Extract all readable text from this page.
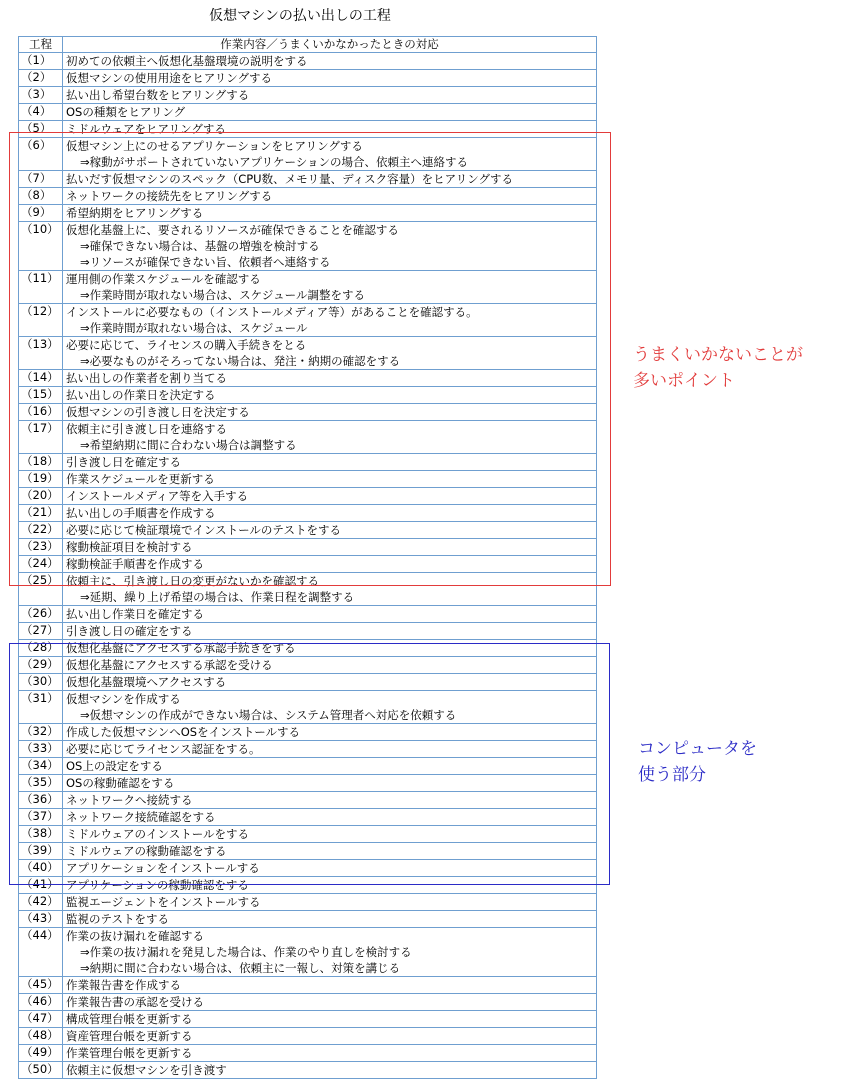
仮想マシンの払い出しの工程
工程	作業内容／うまくいかなかったときの対応
（1）	初めての依頼主へ仮想化基盤環境の説明をする

（2）	仮想マシンの使用用途をヒアリングする

（3）	払い出し希望台数をヒアリングする

（4）	OSの種類をヒアリング

（5）	ミドルウェアをヒアリングする

（6）	仮想マシン上にのせるアプリケーションをヒアリングする
⇒稼動がサポートされていないアプリケーションの場合、依頼主へ連絡する

（7）	払いだす仮想マシンのスペック（CPU数、メモリ量、ディスク容量）をヒアリングする

（8）	ネットワークの接続先をヒアリングする

（9）	希望納期をヒアリングする

（10）	仮想化基盤上に、要されるリソースが確保できることを確認する
⇒確保できない場合は、基盤の増強を検討する
⇒リソースが確保できない旨、依頼者へ連絡する

（11）	運用側の作業スケジュールを確認する
⇒作業時間が取れない場合は、スケジュール調整をする

（12）	インストールに必要なもの（インストールメディア等）があることを確認する。
⇒作業時間が取れない場合は、スケジュール

（13）	必要に応じて、ライセンスの購入手続きをとる
⇒必要なものがそろってない場合は、発注・納期の確認をする

（14）	払い出しの作業者を割り当てる

（15）	払い出しの作業日を決定する

（16）	仮想マシンの引き渡し日を決定する

（17）	依頼主に引き渡し日を連絡する
⇒希望納期に間に合わない場合は調整する

（18）	引き渡し日を確定する

（19）	作業スケジュールを更新する

（20）	インストールメディア等を入手する

（21）	払い出しの手順書を作成する

（22）	必要に応じて検証環境でインストールのテストをする

（23）	稼動検証項目を検討する

（24）	稼動検証手順書を作成する

（25）	依頼主に、引き渡し日の変更がないかを確認する
⇒延期、繰り上げ希望の場合は、作業日程を調整する

（26）	払い出し作業日を確定する

（27）	引き渡し日の確定をする

（28）	仮想化基盤にアクセスする承認手続きをする

（29）	仮想化基盤にアクセスする承認を受ける

（30）	仮想化基盤環境へアクセスする

（31）	仮想マシンを作成する
⇒仮想マシンの作成ができない場合は、システム管理者へ対応を依頼する

（32）	作成した仮想マシンへOSをインストールする

（33）	必要に応じてライセンス認証をする。

（34）	OS上の設定をする

（35）	OSの稼動確認をする

（36）	ネットワークへ接続する

（37）	ネットワーク接続確認をする

（38）	ミドルウェアのインストールをする

（39）	ミドルウェアの稼動確認をする

（40）	アプリケーションをインストールする

（41）	アプリケーションの稼動確認をする

（42）	監視エージェントをインストールする

（43）	監視のテストをする

（44）	作業の抜け漏れを確認する
⇒作業の抜け漏れを発見した場合は、作業のやり直しを検討する
⇒納期に間に合わない場合は、依頼主に一報し、対策を講じる

（45）	作業報告書を作成する

（46）	作業報告書の承認を受ける

（47）	構成管理台帳を更新する

（48）	資産管理台帳を更新する

（49）	作業管理台帳を更新する

（50）	依頼主に仮想マシンを引き渡す
うまくいかないことが
多いポイント
コンピュータを
使う部分
